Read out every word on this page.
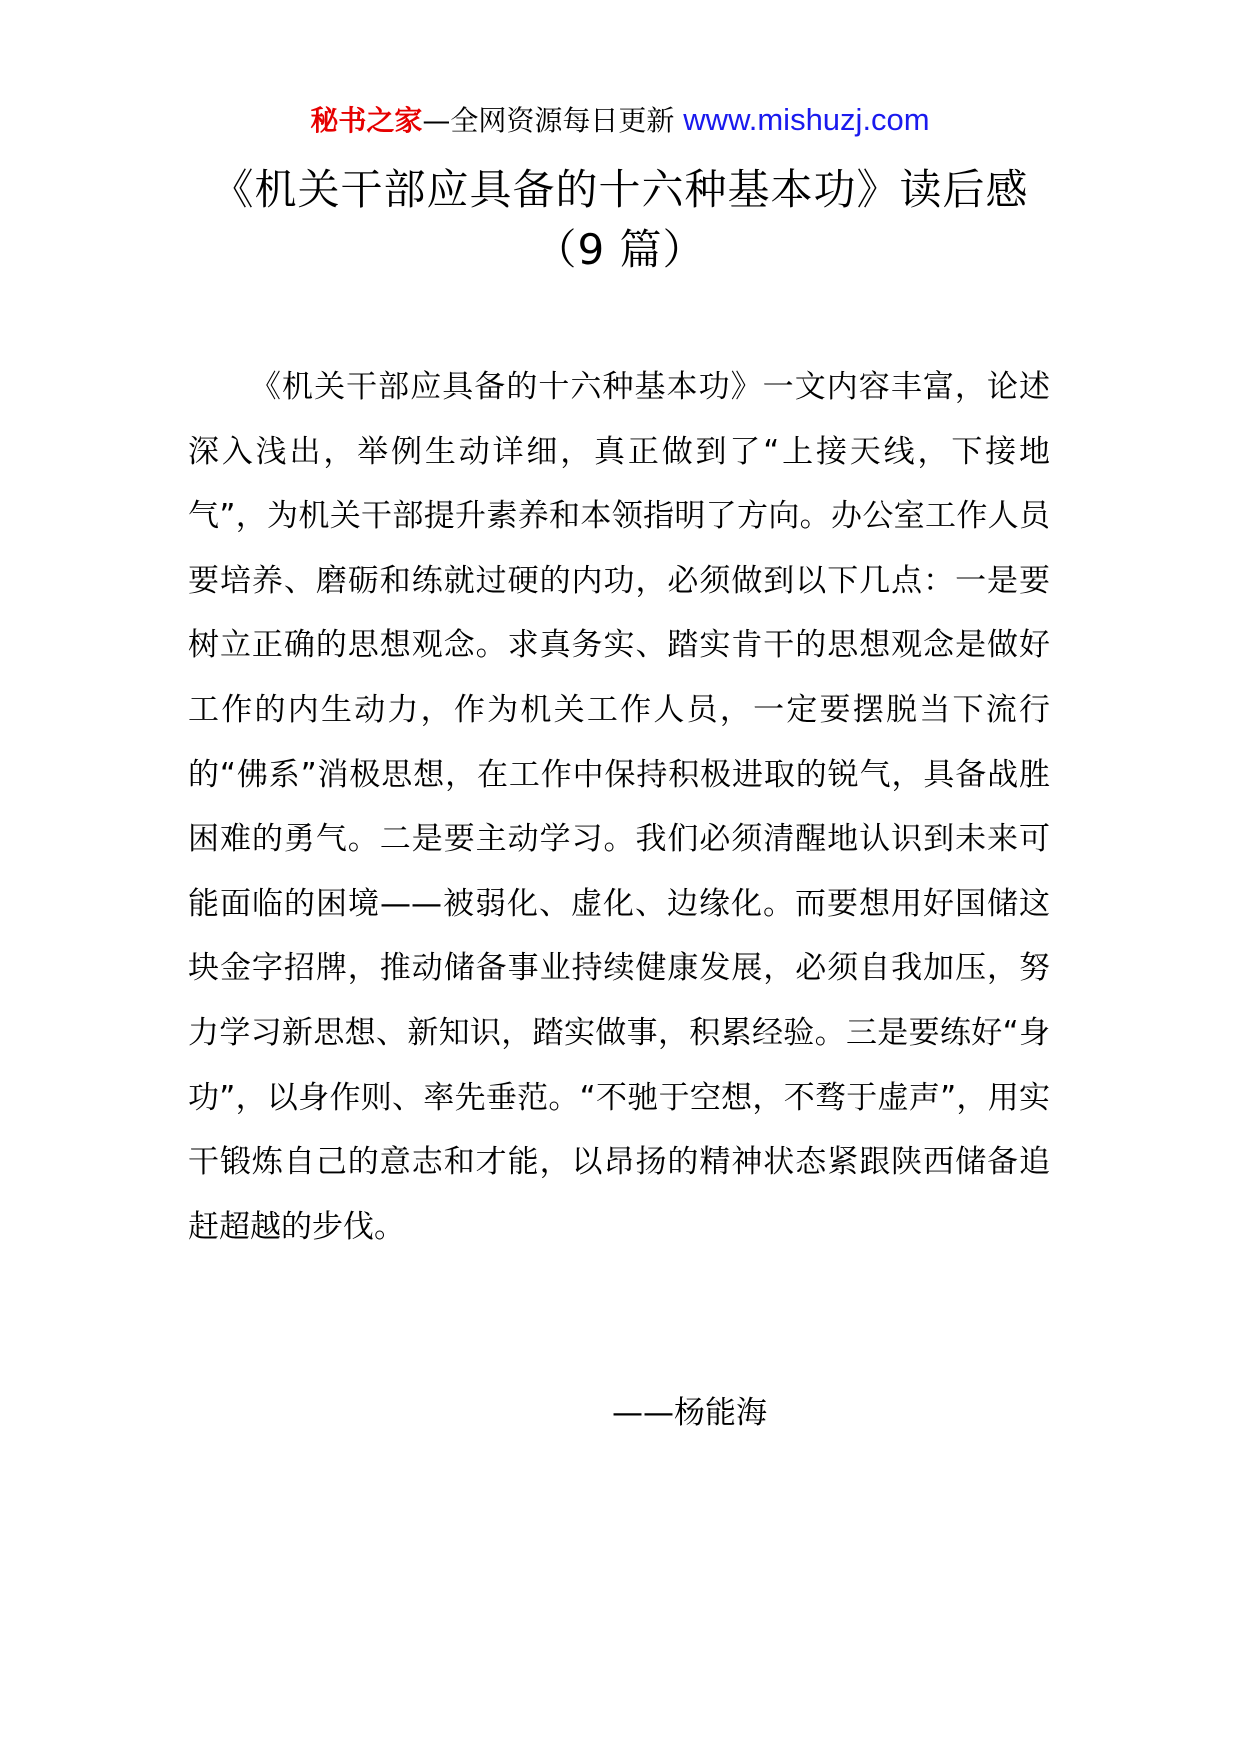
秘书之家—全网资源每日更新 www.mishuzj.com
《机关干部应具备的十六种基本功》读后感（9 篇）

《机关干部应具备的十六种基本功》一文内容丰富，论述深入浅出，举例生动详细，真正做到了“上接天线，下接地气”，为机关干部提升素养和本领指明了方向。办公室工作人员要培养、磨砺和练就过硬的内功，必须做到以下几点：一是要树立正确的思想观念。求真务实、踏实肯干的思想观念是做好工作的内生动力，作为机关工作人员，一定要摆脱当下流行的“佛系”消极思想，在工作中保持积极进取的锐气，具备战胜困难的勇气。二是要主动学习。我们必须清醒地认识到未来可能面临的困境——被弱化、虚化、边缘化。而要想用好国储这块金字招牌，推动储备事业持续健康发展，必须自我加压，努力学习新思想、新知识，踏实做事，积累经验。三是要练好“身功”，以身作则、率先垂范。“不驰于空想，不骛于虚声”，用实干锻炼自己的意志和才能，以昂扬的精神状态紧跟陕西储备追赶超越的步伐。

——杨能海
